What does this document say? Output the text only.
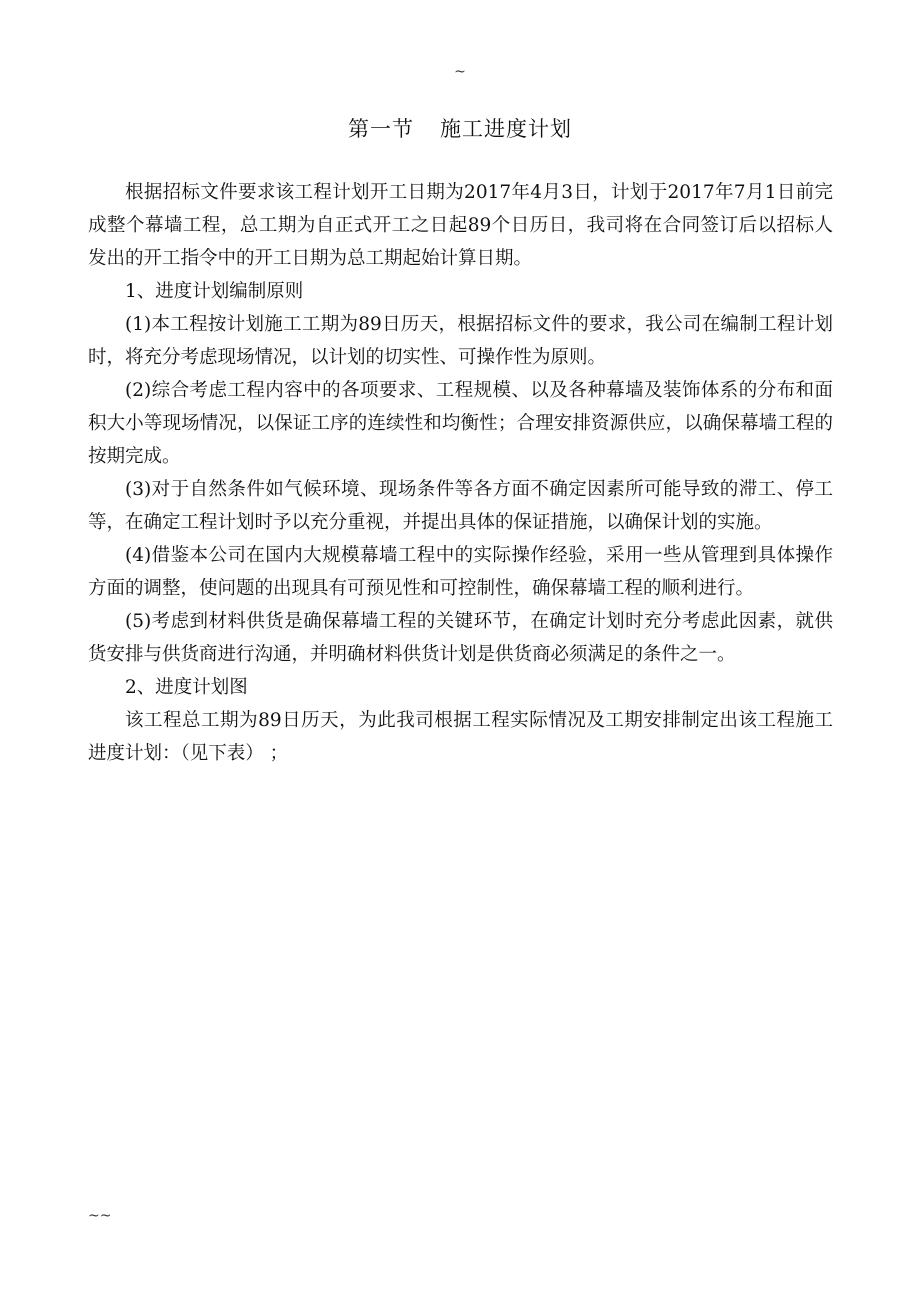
~
第一节 施工进度计划

根据招标文件要求该工程计划开工日期为2017年4月3日，计划于2017年7月1日前完成整个幕墙工程，总工期为自正式开工之日起89个日历日，我司将在合同签订后以招标人发出的开工指令中的开工日期为总工期起始计算日期。

1、进度计划编制原则

(1)本工程按计划施工工期为89日历天，根据招标文件的要求，我公司在编制工程计划时，将充分考虑现场情况，以计划的切实性、可操作性为原则。

(2)综合考虑工程内容中的各项要求、工程规模、以及各种幕墙及装饰体系的分布和面积大小等现场情况，以保证工序的连续性和均衡性；合理安排资源供应，以确保幕墙工程的按期完成。

(3)对于自然条件如气候环境、现场条件等各方面不确定因素所可能导致的滞工、停工等，在确定工程计划时予以充分重视，并提出具体的保证措施，以确保计划的实施。

(4)借鉴本公司在国内大规模幕墙工程中的实际操作经验，采用一些从管理到具体操作方面的调整，使问题的出现具有可预见性和可控制性，确保幕墙工程的顺利进行。

(5)考虑到材料供货是确保幕墙工程的关键环节，在确定计划时充分考虑此因素，就供货安排与供货商进行沟通，并明确材料供货计划是供货商必须满足的条件之一。

2、进度计划图

该工程总工期为89日历天，为此我司根据工程实际情况及工期安排制定出该工程施工进度计划：（见下表） ；

~~
